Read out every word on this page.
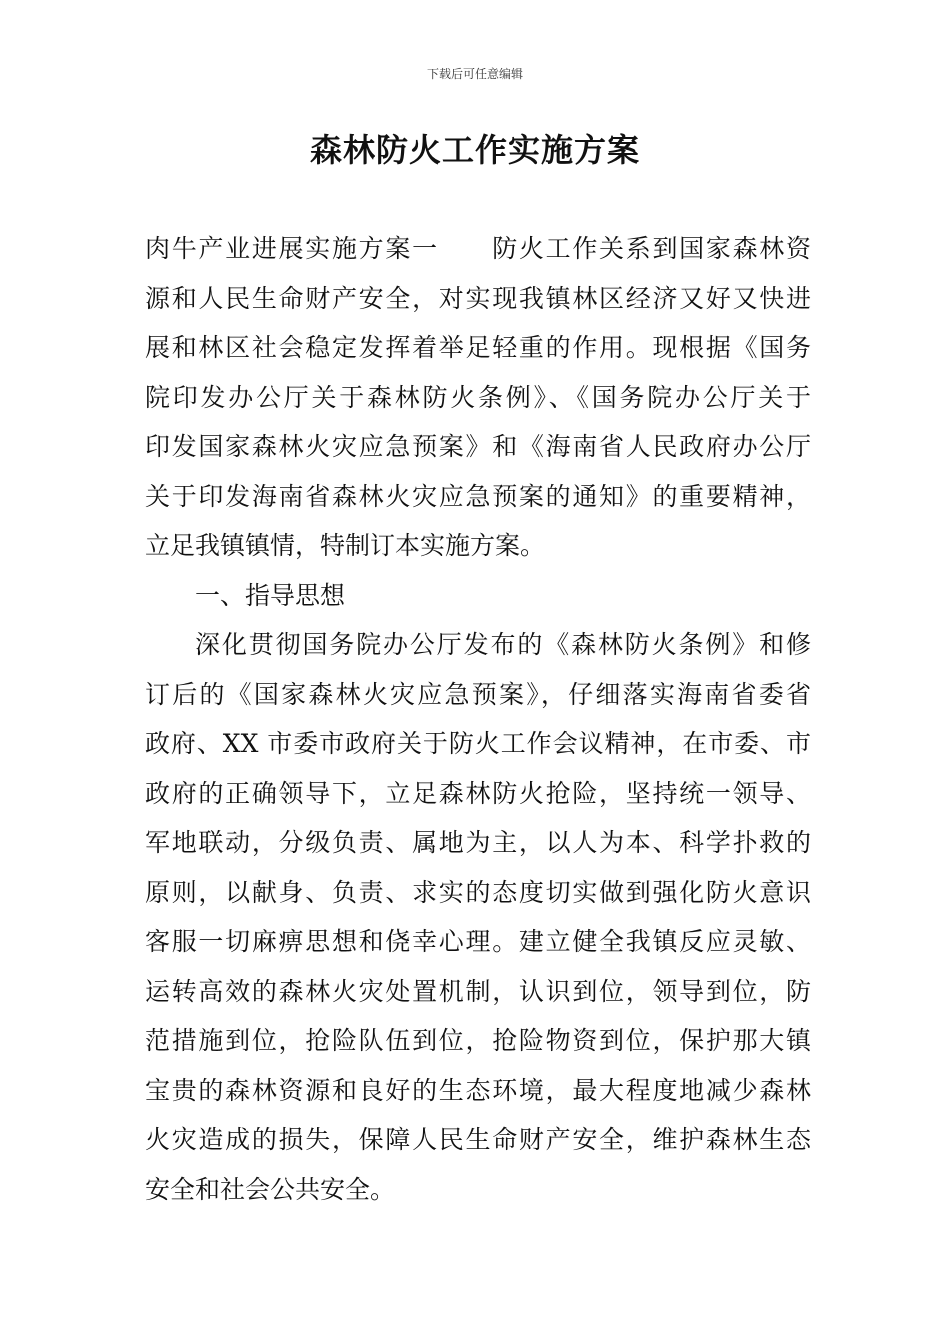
下载后可任意编辑
森林防火工作实施方案
肉牛产业进展实施方案一　　防火工作关系到国家森林资
源和人民生命财产安全，对实现我镇林区经济又好又快进
展和林区社会稳定发挥着举足轻重的作用。现根据《国务
院印发办公厅关于森林防火条例》、《国务院办公厅关于
印发国家森林火灾应急预案》和《海南省人民政府办公厅
关于印发海南省森林火灾应急预案的通知》的重要精神，
立足我镇镇情，特制订本实施方案。
一、指导思想
深化贯彻国务院办公厅发布的《森林防火条例》和修
订后的《国家森林火灾应急预案》，仔细落实海南省委省
政府、XX 市委市政府关于防火工作会议精神，在市委、市
政府的正确领导下，立足森林防火抢险，坚持统一领导、
军地联动，分级负责、属地为主，以人为本、科学扑救的
原则，以献身、负责、求实的态度切实做到强化防火意识
客服一切麻痹思想和侥幸心理。建立健全我镇反应灵敏、
运转高效的森林火灾处置机制，认识到位，领导到位，防
范措施到位，抢险队伍到位，抢险物资到位，保护那大镇
宝贵的森林资源和良好的生态环境，最大程度地减少森林
火灾造成的损失，保障人民生命财产安全，维护森林生态
安全和社会公共安全。
